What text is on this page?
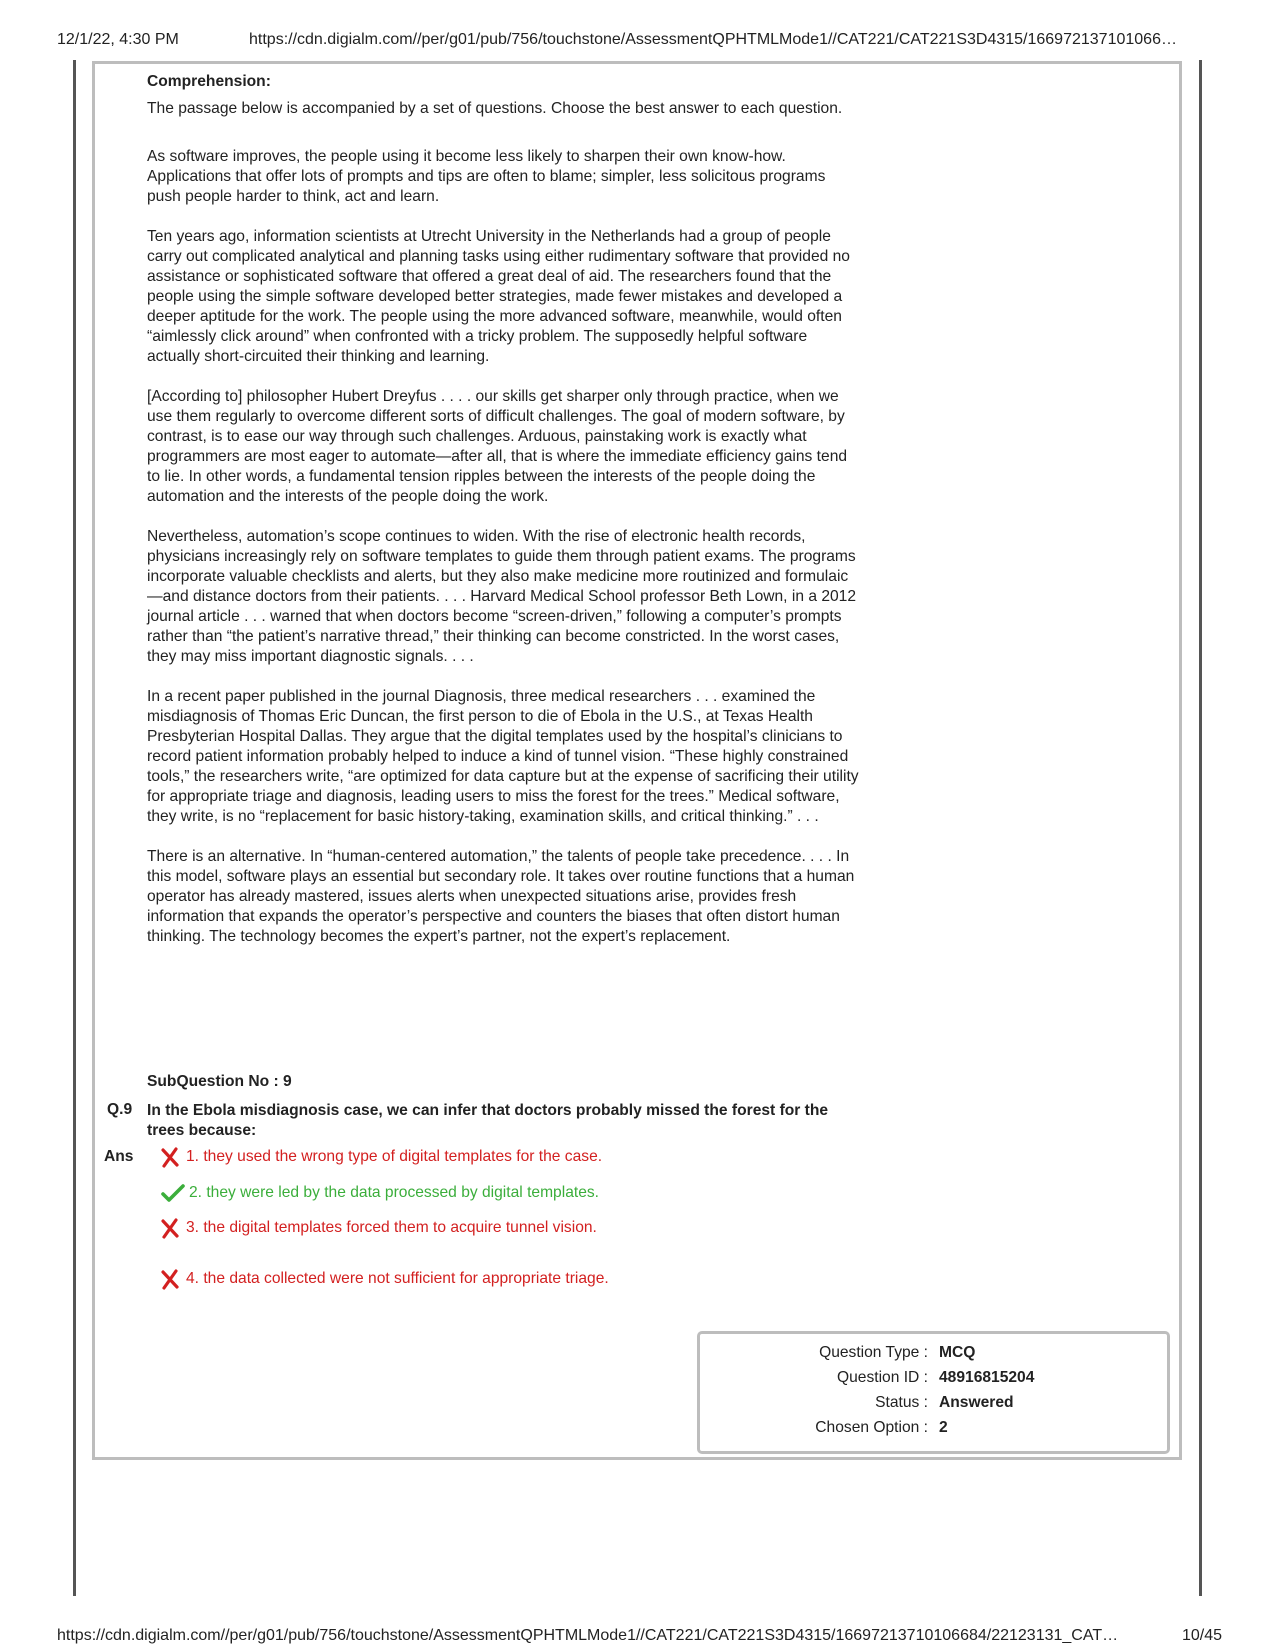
12/1/22, 4:30 PM	https://cdn.digialm.com//per/g01/pub/756/touchstone/AssessmentQPHTMLMode1//CAT221/CAT221S3D4315/166972137101066…
Comprehension:

The passage below is accompanied by a set of questions. Choose the best answer to each question.

As software improves, the people using it become less likely to sharpen their own know-how. Applications that offer lots of prompts and tips are often to blame; simpler, less solicitous programs push people harder to think, act and learn.

Ten years ago, information scientists at Utrecht University in the Netherlands had a group of people carry out complicated analytical and planning tasks using either rudimentary software that provided no assistance or sophisticated software that offered a great deal of aid. The researchers found that the people using the simple software developed better strategies, made fewer mistakes and developed a deeper aptitude for the work. The people using the more advanced software, meanwhile, would often “aimlessly click around” when confronted with a tricky problem. The supposedly helpful software actually short-circuited their thinking and learning.

[According to] philosopher Hubert Dreyfus . . . . our skills get sharper only through practice, when we use them regularly to overcome different sorts of difficult challenges. The goal of modern software, by contrast, is to ease our way through such challenges. Arduous, painstaking work is exactly what programmers are most eager to automate—after all, that is where the immediate efficiency gains tend to lie. In other words, a fundamental tension ripples between the interests of the people doing the automation and the interests of the people doing the work.

Nevertheless, automation’s scope continues to widen. With the rise of electronic health records, physicians increasingly rely on software templates to guide them through patient exams. The programs incorporate valuable checklists and alerts, but they also make medicine more routinized and formulaic—and distance doctors from their patients. . . . Harvard Medical School professor Beth Lown, in a 2012 journal article . . . warned that when doctors become “screen-driven,” following a computer’s prompts rather than “the patient’s narrative thread,” their thinking can become constricted. In the worst cases, they may miss important diagnostic signals. . . .

In a recent paper published in the journal Diagnosis, three medical researchers . . . examined the misdiagnosis of Thomas Eric Duncan, the first person to die of Ebola in the U.S., at Texas Health Presbyterian Hospital Dallas. They argue that the digital templates used by the hospital’s clinicians to record patient information probably helped to induce a kind of tunnel vision. “These highly constrained tools,” the researchers write, “are optimized for data capture but at the expense of sacrificing their utility for appropriate triage and diagnosis, leading users to miss the forest for the trees.” Medical software, they write, is no “replacement for basic history-taking, examination skills, and critical thinking.” . . .

There is an alternative. In “human-centered automation,” the talents of people take precedence. . . . In this model, software plays an essential but secondary role. It takes over routine functions that a human operator has already mastered, issues alerts when unexpected situations arise, provides fresh information that expands the operator’s perspective and counters the biases that often distort human thinking. The technology becomes the expert’s partner, not the expert’s replacement.

SubQuestion No : 9
Q.9 In the Ebola misdiagnosis case, we can infer that doctors probably missed the forest for the trees because:
Ans	1. they used the wrong type of digital templates for the case.
2. they were led by the data processed by digital templates.
3. the digital templates forced them to acquire tunnel vision.
4. the data collected were not sufficient for appropriate triage.
Question Type : MCQ
Question ID : 48916815204
Status : Answered
Chosen Option : 2
https://cdn.digialm.com//per/g01/pub/756/touchstone/AssessmentQPHTMLMode1//CAT221/CAT221S3D4315/16697213710106684/22123131_CAT…	10/45
